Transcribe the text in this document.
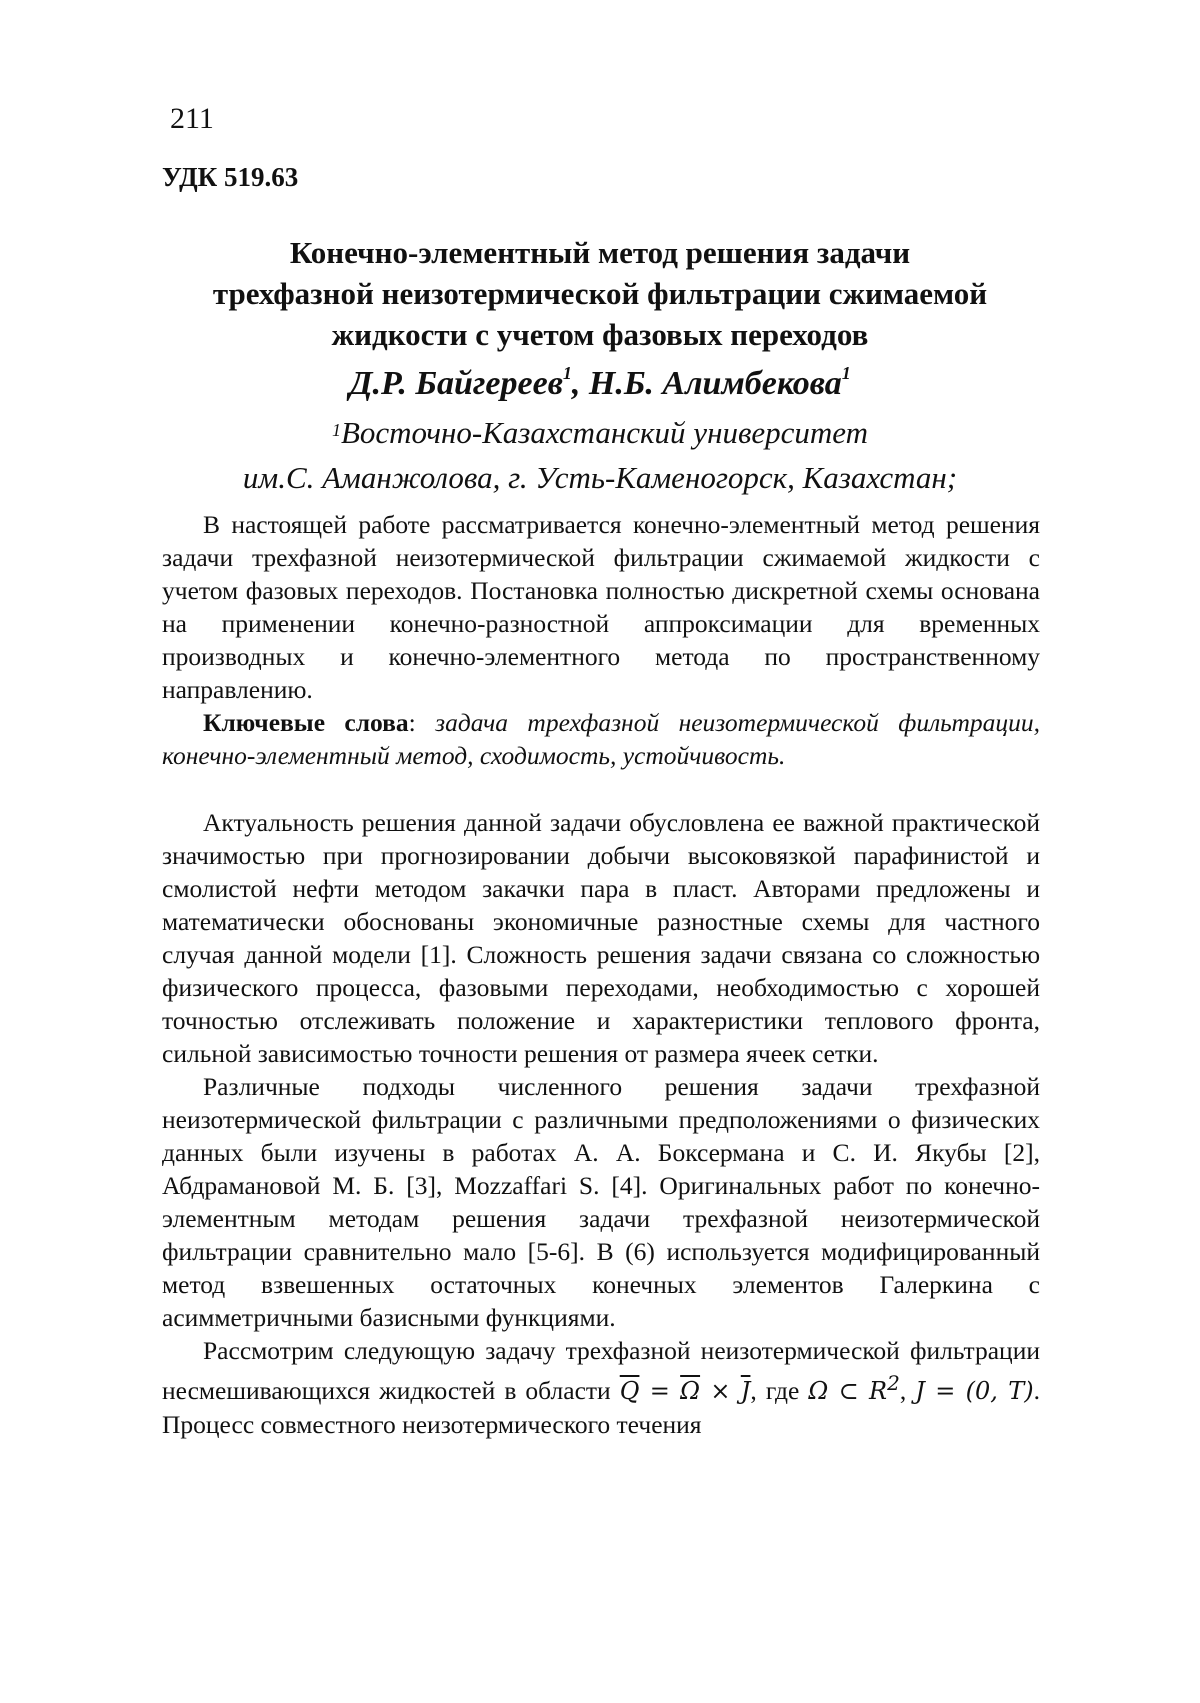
211
УДК 519.63
Конечно-элементный метод решения задачи
трехфазной неизотермической фильтрации сжимаемой
жидкости с учетом фазовых переходов
Д.Р. Байгереев$^1$, Н.Б. Алимбекова$^1$
$^1$Восточно-Казахстанский университет
им.С. Аманжолова, г. Усть-Каменогорск, Казахстан;

В настоящей работе рассматривается конечно-элементный метод решения задачи трехфазной неизотермической фильтрации сжимаемой жидкости с учетом фазовых переходов. Постановка полностью дискретной схемы основана на применении конечно-разностной аппроксимации для временных производных и конечно-элементного метода по пространственному направлению.

Ключевые слова: задача трехфазной неизотермической фильтрации, конечно-элементный метод, сходимость, устойчивость.

Актуальность решения данной задачи обусловлена ее важной практической значимостью при прогнозировании добычи высоковязкой парафинистой и смолистой нефти методом закачки пара в пласт. Авторами предложены и математически обоснованы экономичные разностные схемы для частного случая данной модели [1]. Сложность решения задачи связана со сложностью физического процесса, фазовыми переходами, необходимостью с хорошей точностью отслеживать положение и характеристики теплового фронта, сильной зависимостью точности решения от размера ячеек сетки.

Различные подходы численного решения задачи трехфазной неизотермической фильтрации с различными предположениями о физических данных были изучены в работах А. А. Боксермана и С. И. Якубы [2], Абдрамановой М. Б. [3], Mozzaffari S. [4]. Оригинальных работ по конечно-элементным методам решения задачи трехфазной неизотермической фильтрации сравнительно мало [5-6]. В (6) используется модифицированный метод взвешенных остаточных конечных элементов Галеркина с асимметричными базисными функциями.

Рассмотрим следующую задачу трехфазной неизотермической фильтрации несмешивающихся жидкостей в области $\overline{Q} = \overline{\Omega} \times \overline{J}$, где Ω ⊂ $R^2$, J = (0, T). Процесс совместного неизотермического течения
